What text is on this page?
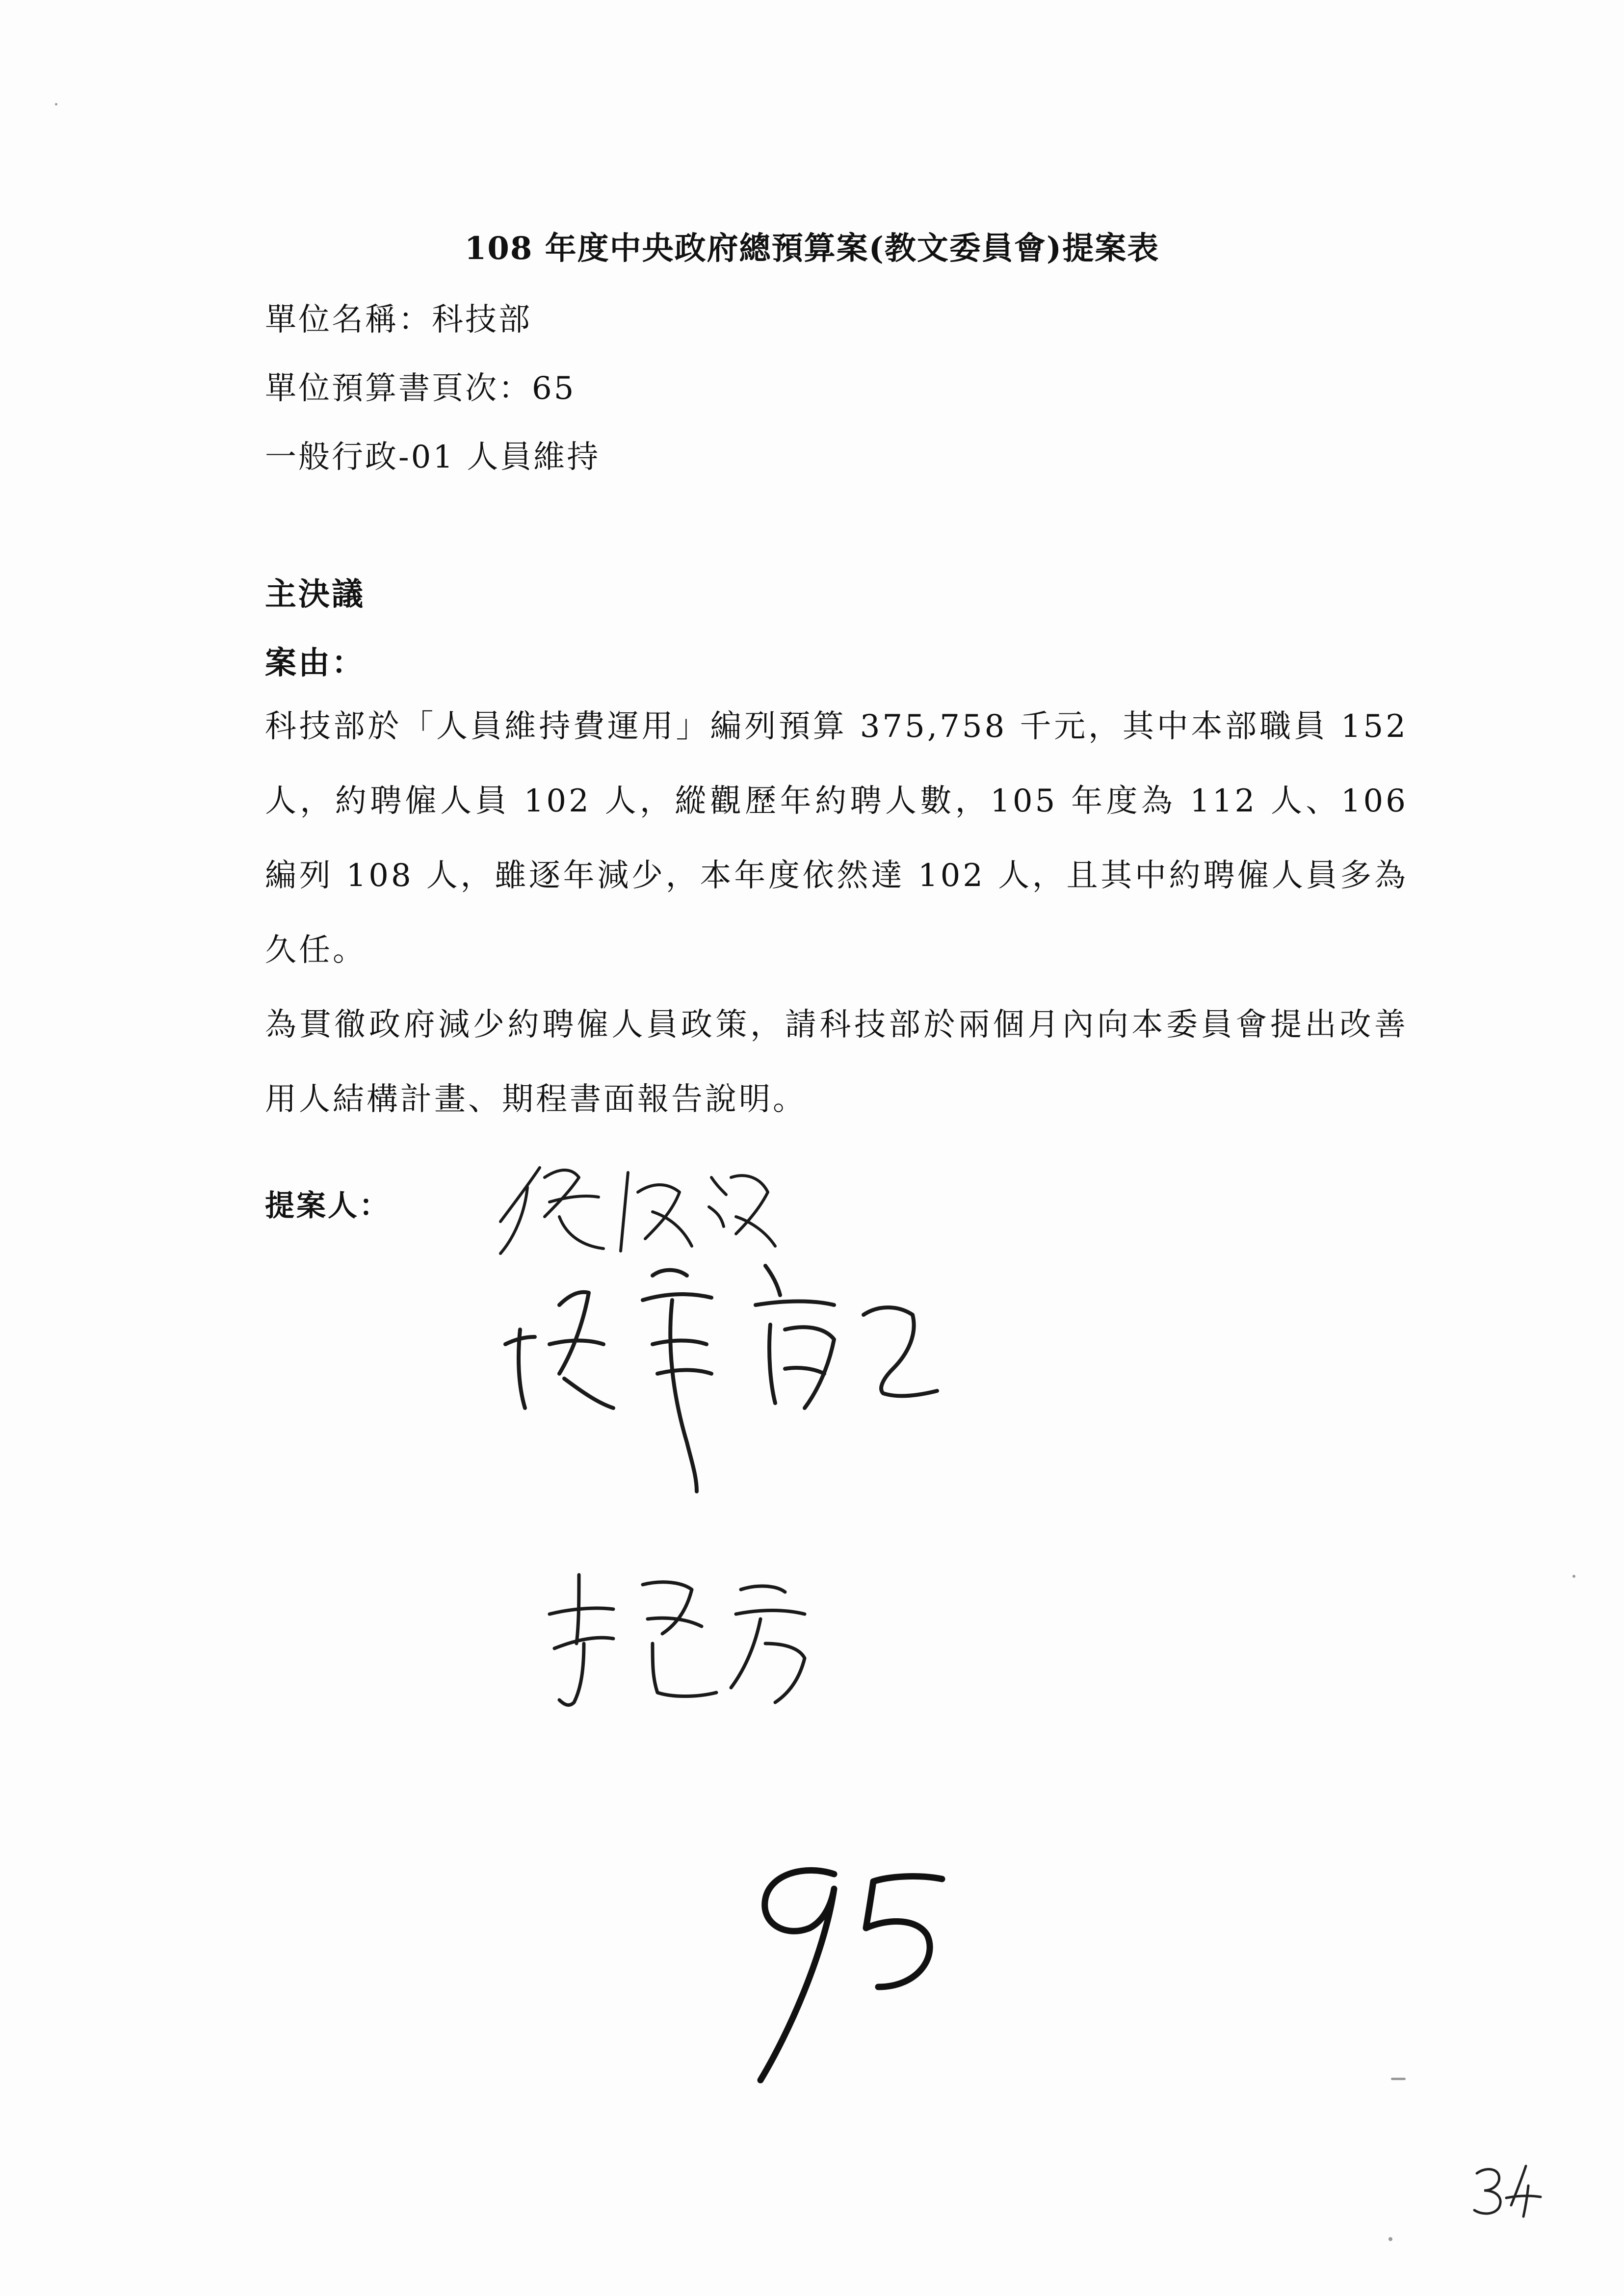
108 年度中央政府總預算案(教文委員會)提案表
單位名稱：科技部
單位預算書頁次：65
一般行政-01 人員維持
主決議
案由：

科技部於「人員維持費運用」編列預算 375,758 千元，其中本部職員 152 人，約聘僱人員 102 人，縱觀歷年約聘人數，105 年度為 112 人、106 編列 108 人，雖逐年減少，本年度依然達 102 人，且其中約聘僱人員多為久任。

為貫徹政府減少約聘僱人員政策，請科技部於兩個月內向本委員會提出改善用人結構計畫、期程書面報告說明。

提案人：
